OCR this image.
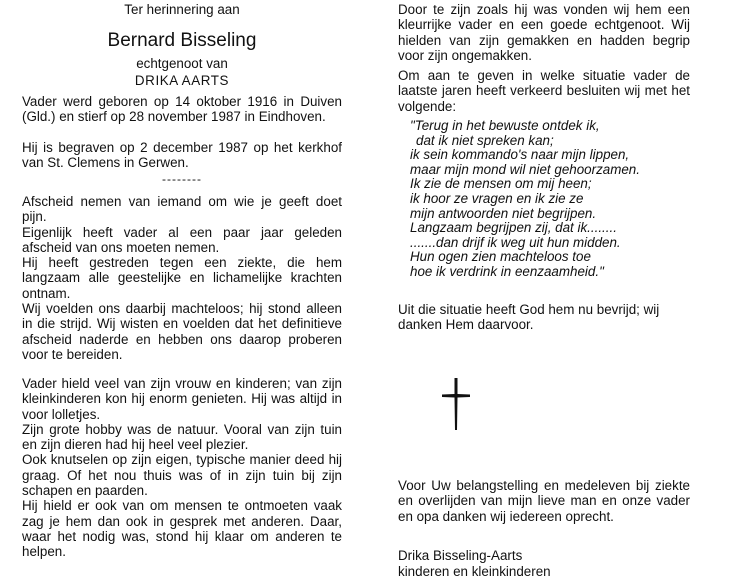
Ter herinnering aan
Bernard Bisseling
echtgenoot van
DRIKA AARTS
Vader werd geboren op 14 oktober 1916 in Duiven (Gld.) en stierf op 28 november 1987 in Eindhoven.
Hij is begraven op 2 december 1987 op het kerkhof van St. Clemens in Gerwen.
--------

Afscheid nemen van iemand om wie je geeft doet pijn.

Eigenlijk heeft vader al een paar jaar geleden afscheid van ons moeten nemen.

Hij heeft gestreden tegen een ziekte, die hem langzaam alle geestelijke en lichamelijke krachten ontnam.

Wij voelden ons daarbij machteloos; hij stond alleen in die strijd. Wij wisten en voelden dat het definitieve afscheid naderde en hebben ons daarop proberen voor te bereiden.

Vader hield veel van zijn vrouw en kinderen; van zijn kleinkinderen kon hij enorm genieten. Hij was altijd in voor lolletjes.

Zijn grote hobby was de natuur. Vooral van zijn tuin en zijn dieren had hij heel veel plezier.

Ook knutselen op zijn eigen, typische manier deed hij graag. Of het nou thuis was of in zijn tuin bij zijn schapen en paarden.

Hij hield er ook van om mensen te ontmoeten vaak zag je hem dan ook in gesprek met anderen. Daar, waar het nodig was, stond hij klaar om anderen te helpen.

Door te zijn zoals hij was vonden wij hem een kleurrijke vader en een goede echtgenoot. Wij hielden van zijn gemakken en hadden begrip voor zijn ongemakken.
Om aan te geven in welke situatie vader de laatste jaren heeft verkeerd besluiten wij met het volgende:
"Terug in het bewuste ontdek ik,
dat ik niet spreken kan;
ik sein kommando's naar mijn lippen,
maar mijn mond wil niet gehoorzamen.
Ik zie de mensen om mij heen;
ik hoor ze vragen en ik zie ze
mijn antwoorden niet begrijpen.
Langzaam begrijpen zij, dat ik........
.......dan drijf ik weg uit hun midden.
Hun ogen zien machteloos toe
hoe ik verdrink in eenzaamheid."
Uit die situatie heeft God hem nu bevrijd; wij danken Hem daarvoor.
Voor Uw belangstelling en medeleven bij ziekte en overlijden van mijn lieve man en onze vader en opa danken wij iedereen oprecht.
Drika Bisseling-Aarts
kinderen en kleinkinderen
